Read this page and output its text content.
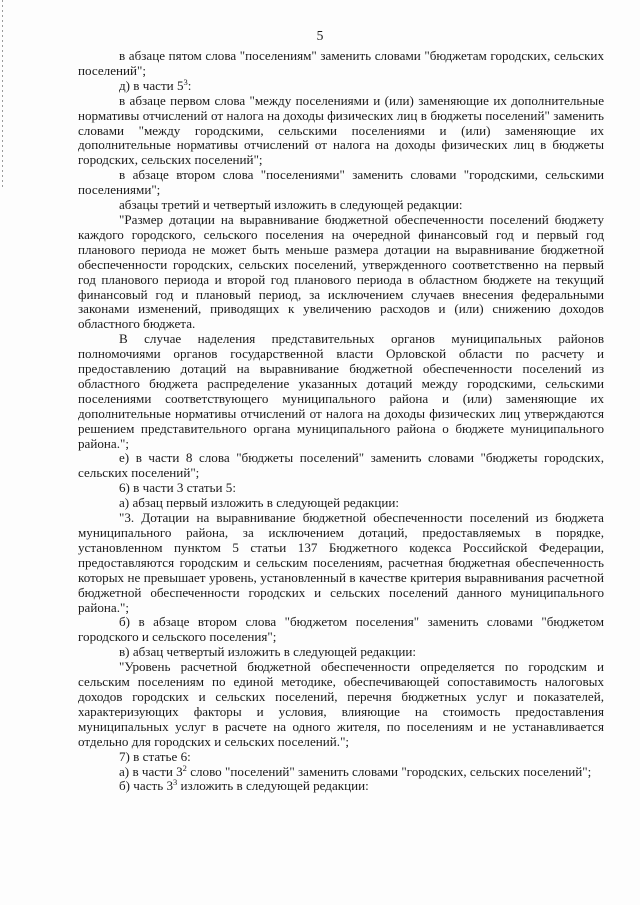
5

в абзаце пятом слова "поселениям" заменить словами "бюджетам городских, сельских поселений";

д) в части $5^3$:

в абзаце первом слова "между поселениями и (или) заменяющие их дополнительные нормативы отчислений от налога на доходы физических лиц в бюджеты поселений" заменить словами "между городскими, сельскими поселениями и (или) заменяющие их дополнительные нормативы отчислений от налога на доходы физических лиц в бюджеты городских, сельских поселений";

в абзаце втором слова "поселениями" заменить словами "городскими, сельскими поселениями";

абзацы третий и четвертый изложить в следующей редакции:

"Размер дотации на выравнивание бюджетной обеспеченности поселений бюджету каждого городского, сельского поселения на очередной финансовый год и первый год планового периода не может быть меньше размера дотации на выравнивание бюджетной обеспеченности городских, сельских поселений, утвержденного соответственно на первый год планового периода и второй год планового периода в областном бюджете на текущий финансовый год и плановый период, за исключением случаев внесения федеральными законами изменений, приводящих к увеличению расходов и (или) снижению доходов областного бюджета.

В случае наделения представительных органов муниципальных районов полномочиями органов государственной власти Орловской области по расчету и предоставлению дотаций на выравнивание бюджетной обеспеченности поселений из областного бюджета распределение указанных дотаций между городскими, сельскими поселениями соответствующего муниципального района и (или) заменяющие их дополнительные нормативы отчислений от налога на доходы физических лиц утверждаются решением представительного органа муниципального района о бюджете муниципального района.";

е) в части 8 слова "бюджеты поселений" заменить словами "бюджеты городских, сельских поселений";

6) в части 3 статьи 5:

а) абзац первый изложить в следующей редакции:

"3. Дотации на выравнивание бюджетной обеспеченности поселений из бюджета муниципального района, за исключением дотаций, предоставляемых в порядке, установленном пунктом 5 статьи 137 Бюджетного кодекса Российской Федерации, предоставляются городским и сельским поселениям, расчетная бюджетная обеспеченность которых не превышает уровень, установленный в качестве критерия выравнивания расчетной бюджетной обеспеченности городских и сельских поселений данного муниципального района.";

б) в абзаце втором слова "бюджетом поселения" заменить словами "бюджетом городского и сельского поселения";

в) абзац четвертый изложить в следующей редакции:

"Уровень расчетной бюджетной обеспеченности определяется по городским и сельским поселениям по единой методике, обеспечивающей сопоставимость налоговых доходов городских и сельских поселений, перечня бюджетных услуг и показателей, характеризующих факторы и условия, влияющие на стоимость предоставления муниципальных услуг в расчете на одного жителя, по поселениям и не устанавливается отдельно для городских и сельских поселений.";

7) в статье 6:

а) в части $3^2$ слово "поселений" заменить словами "городских, сельских поселений";

б) часть $3^3$ изложить в следующей редакции:
